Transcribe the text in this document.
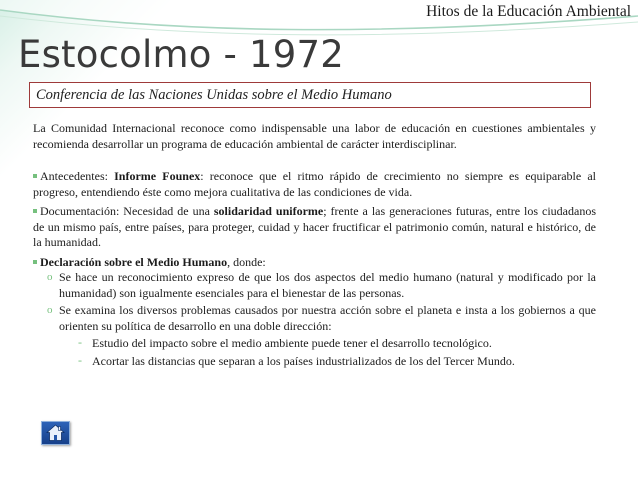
Hitos de la Educación Ambiental
Estocolmo - 1972
Conferencia de las Naciones Unidas sobre el Medio Humano

La Comunidad Internacional reconoce como indispensable una labor de educación en cuestiones ambientales y recomienda desarrollar un programa de educación ambiental de carácter interdisciplinar.

Antecedentes: Informe Founex: reconoce que el ritmo rápido de crecimiento no siempre es equiparable al progreso, entendiendo éste como mejora cualitativa de las condiciones de vida.

Documentación: Necesidad de una solidaridad uniforme; frente a las generaciones futuras, entre los ciudadanos de un mismo país, entre países, para proteger, cuidad y hacer fructificar el patrimonio común, natural e histórico, de la humanidad.

Declaración sobre el Medio Humano, donde:

o Se hace un reconocimiento expreso de que los dos aspectos del medio humano (natural y modificado por la humanidad) son igualmente esenciales para el bienestar de las personas.

o Se examina los diversos problemas causados por nuestra acción sobre el planeta e insta a los gobiernos a que orienten su política de desarrollo en una doble dirección:

- Estudio del impacto sobre el medio ambiente puede tener el desarrollo tecnológico.

- Acortar las distancias que separan a los países industrializados de los del Tercer Mundo.
